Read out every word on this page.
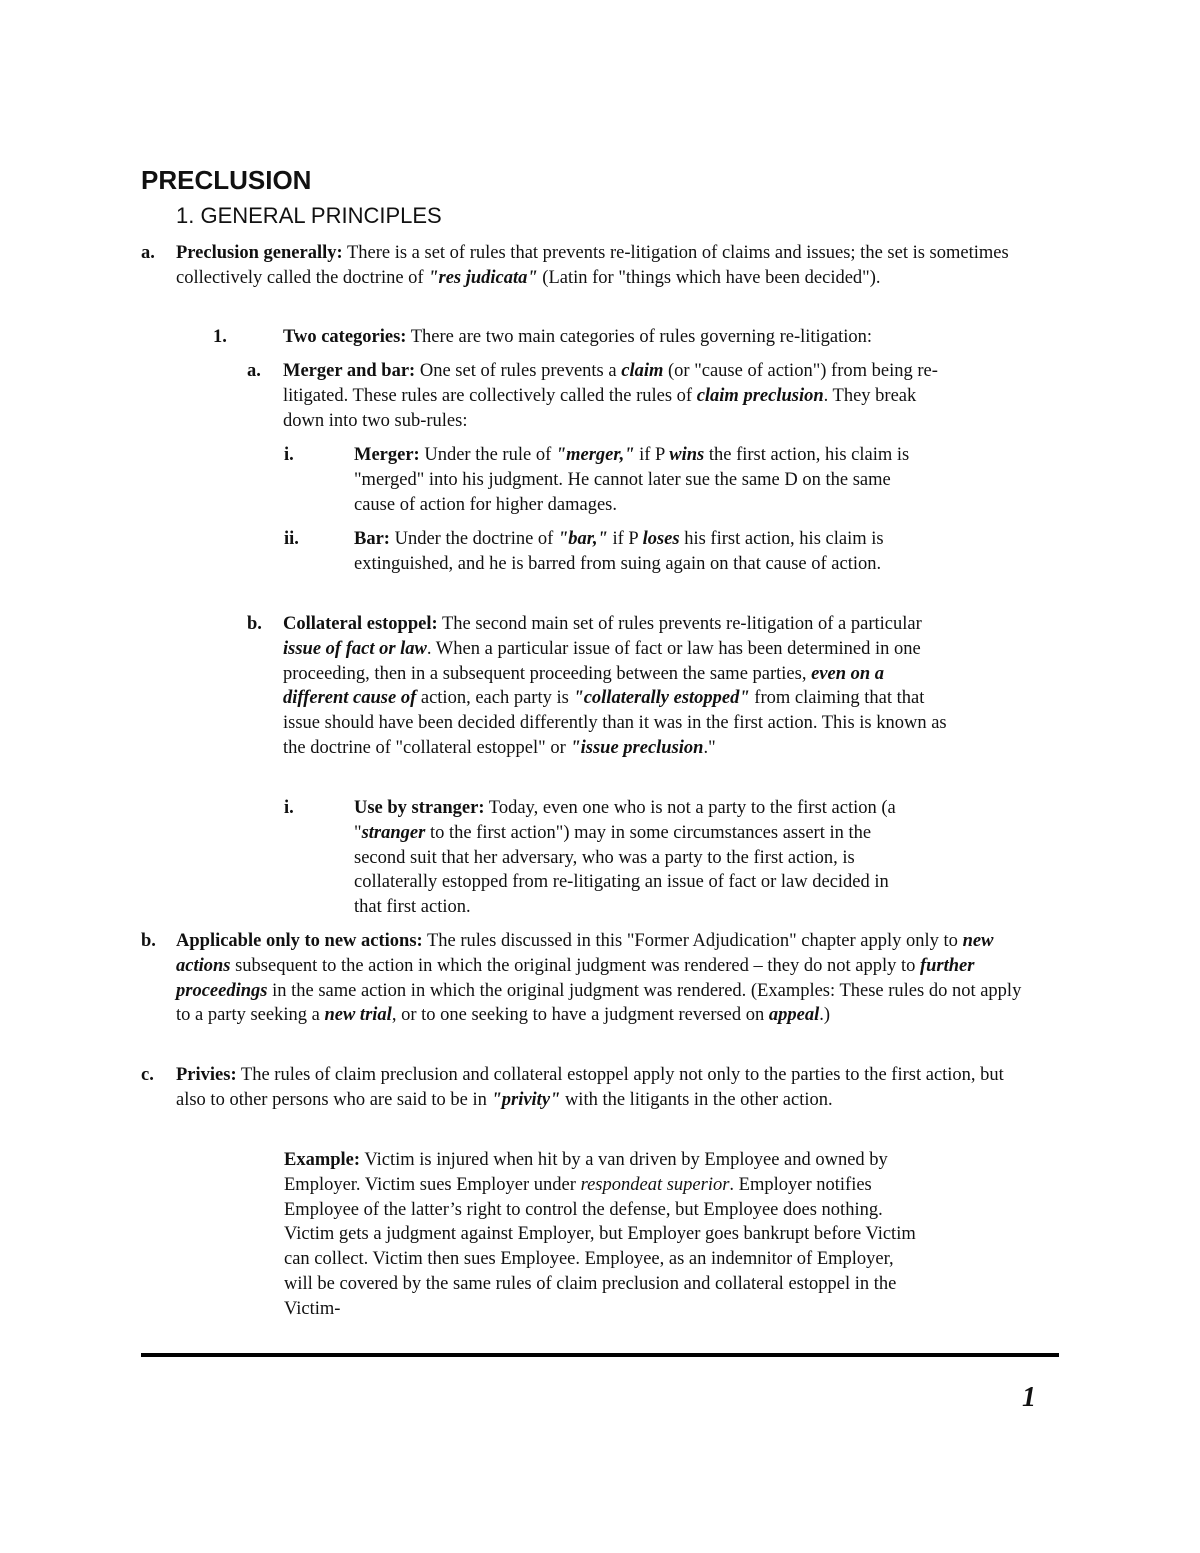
PRECLUSION
1. GENERAL PRINCIPLES
a. Preclusion generally: There is a set of rules that prevents re-litigation of claims and issues; the set is sometimes collectively called the doctrine of "res judicata" (Latin for "things which have been decided").
1.	Two categories: There are two main categories of rules governing re-litigation:
a. Merger and bar: One set of rules prevents a claim (or "cause of action") from being re-litigated. These rules are collectively called the rules of claim preclusion. They break down into two sub-rules:
i.	Merger: Under the rule of "merger," if P wins the first action, his claim is "merged" into his judgment. He cannot later sue the same D on the same cause of action for higher damages.
ii.	Bar: Under the doctrine of "bar," if P loses his first action, his claim is extinguished, and he is barred from suing again on that cause of action.
b. Collateral estoppel: The second main set of rules prevents re-litigation of a particular issue of fact or law. When a particular issue of fact or law has been determined in one proceeding, then in a subsequent proceeding between the same parties, even on a different cause of action, each party is "collaterally estopped" from claiming that that issue should have been decided differently than it was in the first action. This is known as the doctrine of "collateral estoppel" or "issue preclusion."
i.	Use by stranger: Today, even one who is not a party to the first action (a "stranger to the first action") may in some circumstances assert in the second suit that her adversary, who was a party to the first action, is collaterally estopped from re-litigating an issue of fact or law decided in that first action.
b. Applicable only to new actions: The rules discussed in this "Former Adjudication" chapter apply only to new actions subsequent to the action in which the original judgment was rendered – they do not apply to further proceedings in the same action in which the original judgment was rendered. (Examples: These rules do not apply to a party seeking a new trial, or to one seeking to have a judgment reversed on appeal.)
c. Privies: The rules of claim preclusion and collateral estoppel apply not only to the parties to the first action, but also to other persons who are said to be in "privity" with the litigants in the other action.
Example: Victim is injured when hit by a van driven by Employee and owned by Employer. Victim sues Employer under respondeat superior. Employer notifies Employee of the latter’s right to control the defense, but Employee does nothing. Victim gets a judgment against Employer, but Employer goes bankrupt before Victim can collect. Victim then sues Employee. Employee, as an indemnitor of Employer, will be covered by the same rules of claim preclusion and collateral estoppel in the Victim-
1
